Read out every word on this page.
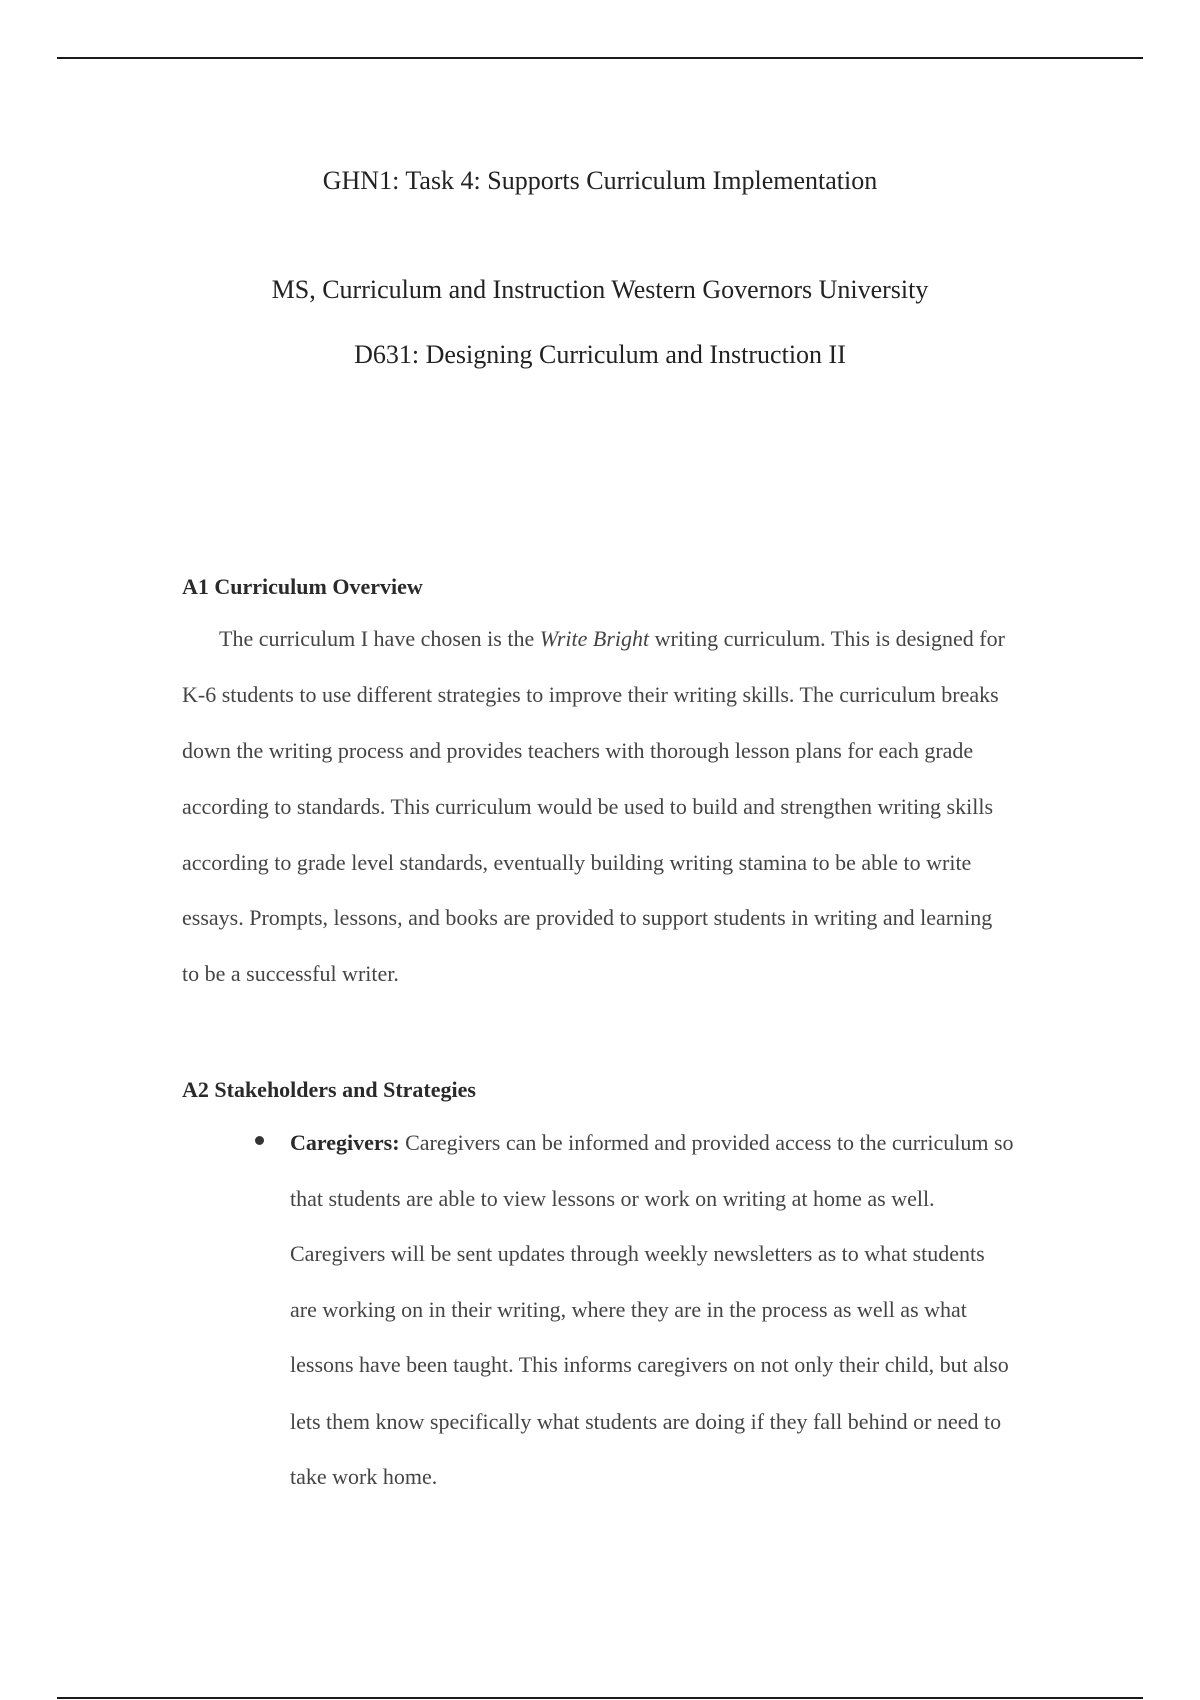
GHN1: Task 4: Supports Curriculum Implementation
MS, Curriculum and Instruction Western Governors University
D631: Designing Curriculum and Instruction II
A1 Curriculum Overview
The curriculum I have chosen is the Write Bright writing curriculum. This is designed for
K-6 students to use different strategies to improve their writing skills. The curriculum breaks
down the writing process and provides teachers with thorough lesson plans for each grade
according to standards. This curriculum would be used to build and strengthen writing skills
according to grade level standards, eventually building writing stamina to be able to write
essays. Prompts, lessons, and books are provided to support students in writing and learning
to be a successful writer.
A2 Stakeholders and Strategies
Caregivers: Caregivers can be informed and provided access to the curriculum so
that students are able to view lessons or work on writing at home as well.
Caregivers will be sent updates through weekly newsletters as to what students
are working on in their writing, where they are in the process as well as what
lessons have been taught. This informs caregivers on not only their child, but also
lets them know specifically what students are doing if they fall behind or need to
take work home.
